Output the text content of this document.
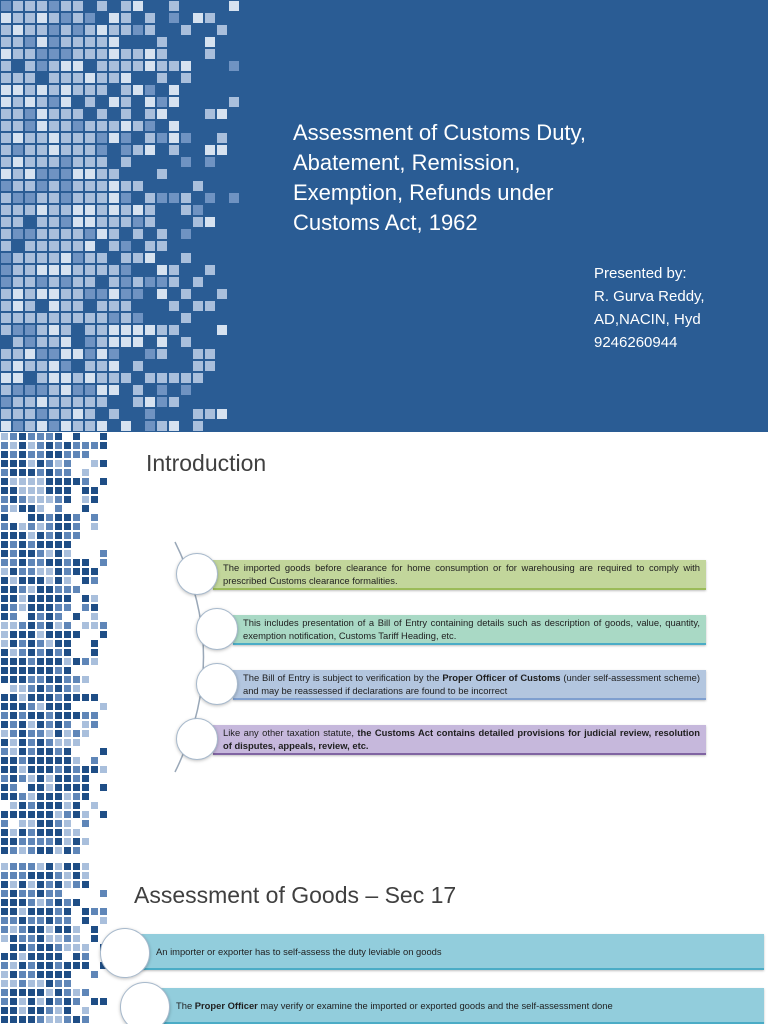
Assessment of Customs Duty,
Abatement, Remission,
Exemption, Refunds under
Customs Act, 1962
Presented by:
R. Gurva Reddy,
AD,NACIN, Hyd
9246260944
Introduction
The imported goods before clearance for home consumption or for warehousing are required to comply with prescribed Customs clearance formalities.
This includes presentation of a Bill of Entry containing details such as description of goods, value, quantity, exemption notification, Customs Tariff Heading, etc.
The Bill of Entry is subject to verification by the Proper Officer of Customs (under self-assessment scheme) and may be reassessed if declarations are found to be incorrect
Like any other taxation statute, the Customs Act contains detailed provisions for judicial review, resolution of disputes, appeals, review, etc.
Assessment of Goods – Sec 17
An importer or exporter has to self-assess the duty leviable on goods
The Proper Officer may verify or examine the imported or exported goods and the self-assessment done
